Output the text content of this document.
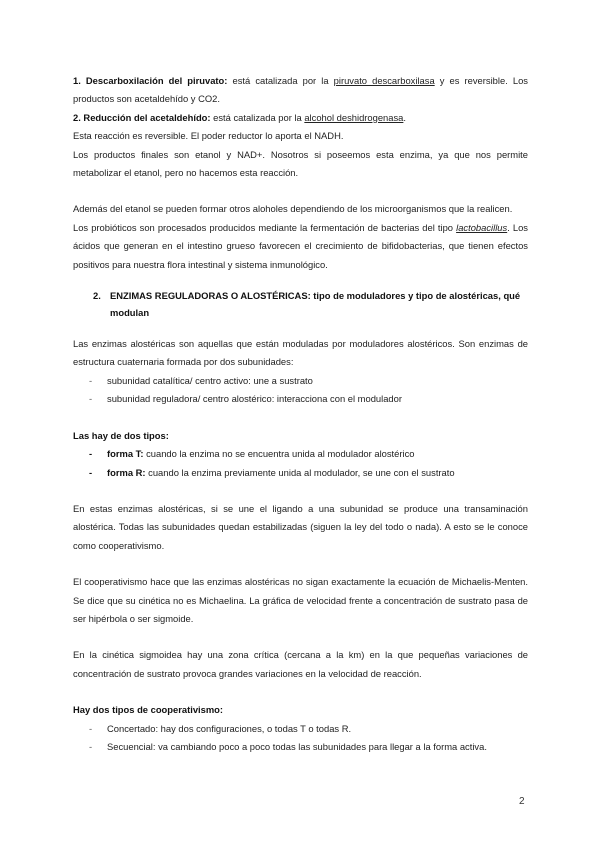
1. Descarboxilación del piruvato: está catalizada por la piruvato descarboxilasa y es reversible. Los productos son acetaldehído y CO2.

2. Reducción del acetaldehído: está catalizada por la alcohol deshidrogenasa.

Esta reacción es reversible. El poder reductor lo aporta el NADH.

Los productos finales son etanol y NAD+. Nosotros si poseemos esta enzima, ya que nos permite metabolizar el etanol, pero no hacemos esta reacción.

Además del etanol se pueden formar otros aloholes dependiendo de los microorganismos que la realicen.

Los probióticos son procesados producidos mediante la fermentación de bacterias del tipo lactobacillus. Los ácidos que generan en el intestino grueso favorecen el crecimiento de bifidobacterias, que tienen efectos positivos para nuestra flora intestinal y sistema inmunológico.

2. ENZIMAS REGULADORAS O ALOSTÉRICAS: tipo de moduladores y tipo de alostéricas, qué modulan

Las enzimas alostéricas son aquellas que están moduladas por moduladores alostéricos. Son enzimas de estructura cuaternaria formada por dos subunidades:

-	subunidad catalítica/ centro activo: une a sustrato
-	subunidad reguladora/ centro alostérico: interacciona con el modulador

Las hay de dos tipos:

-	forma T: cuando la enzima no se encuentra unida al modulador alostérico
-	forma R: cuando la enzima previamente unida al modulador, se une con el sustrato

En estas enzimas alostéricas, si se une el ligando a una subunidad se produce una transaminación alostérica. Todas las subunidades quedan estabilizadas (siguen la ley del todo o nada). A esto se le conoce como cooperativismo.

El cooperativismo hace que las enzimas alostéricas no sigan exactamente la ecuación de Michaelis-Menten. Se dice que su cinética no es Michaelina. La gráfica de velocidad frente a concentración de sustrato pasa de ser hipérbola o ser sigmoide.

En la cinética sigmoidea hay una zona crítica (cercana a la km) en la que pequeñas variaciones de concentración de sustrato provoca grandes variaciones en la velocidad de reacción.

Hay dos tipos de cooperativismo:

-	Concertado: hay dos configuraciones, o todas T o todas R.
-	Secuencial: va cambiando poco a poco todas las subunidades para llegar a la forma activa.
2
